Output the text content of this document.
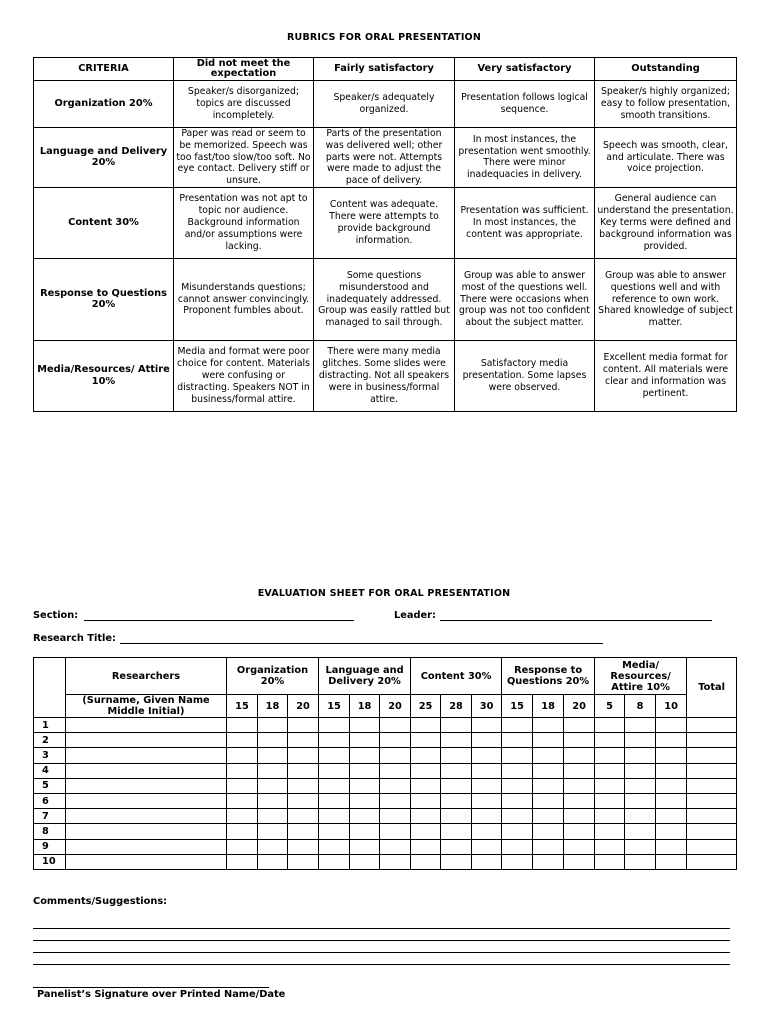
RUBRICS FOR ORAL PRESENTATION
CRITERIA	Did not meet the expectation	Fairly satisfactory	Very satisfactory	Outstanding
Organization 20%	Speaker/s disorganized; topics are discussed incompletely.	Speaker/s adequately organized.	Presentation follows logical sequence.	Speaker/s highly organized; easy to follow presentation, smooth transitions.
Language and Delivery 20%	Paper was read or seem to be memorized. Speech was too fast/too slow/too soft. No eye contact. Delivery stiff or unsure.	Parts of the presentation was delivered well; other parts were not. Attempts were made to adjust the pace of delivery.	In most instances, the presentation went smoothly. There were minor inadequacies in delivery.	Speech was smooth, clear, and articulate. There was voice projection.
Content 30%	Presentation was not apt to topic nor audience. Background information and/or assumptions were lacking.	Content was adequate. There were attempts to provide background information.	Presentation was sufficient. In most instances, the content was appropriate.	General audience can understand the presentation. Key terms were defined and background information was provided.
Response to Questions 20%	Misunderstands questions; cannot answer convincingly. Proponent fumbles about.	Some questions misunderstood and inadequately addressed. Group was easily rattled but managed to sail through.	Group was able to answer most of the questions well. There were occasions when group was not too confident about the subject matter.	Group was able to answer questions well and with reference to own work. Shared knowledge of subject matter.
Media/Resources/ Attire 10%	Media and format were poor choice for content. Materials were confusing or distracting. Speakers NOT in business/formal attire.	There were many media glitches. Some slides were distracting. Not all speakers were in business/formal attire.	Satisfactory media presentation. Some lapses were observed.	Excellent media format for content. All materials were clear and information was pertinent.
EVALUATION SHEET FOR ORAL PRESENTATION
Section:	Leader:
Research Title:
	Researchers	Organization 20%			Language and Delivery 20%			Content 30%			Response to Questions 20%			Media/ Resources/ Attire 10%			Total
	(Surname, Given Name Middle Initial)	15	18	20	15	18	20	25	28	30	15	18	20	5	8	10	
1																	
2																	
3																	
4																	
5																	
6																	
7																	
8																	
9																	
10																	
Comments/Suggestions:
Panelist’s Signature over Printed Name/Date
